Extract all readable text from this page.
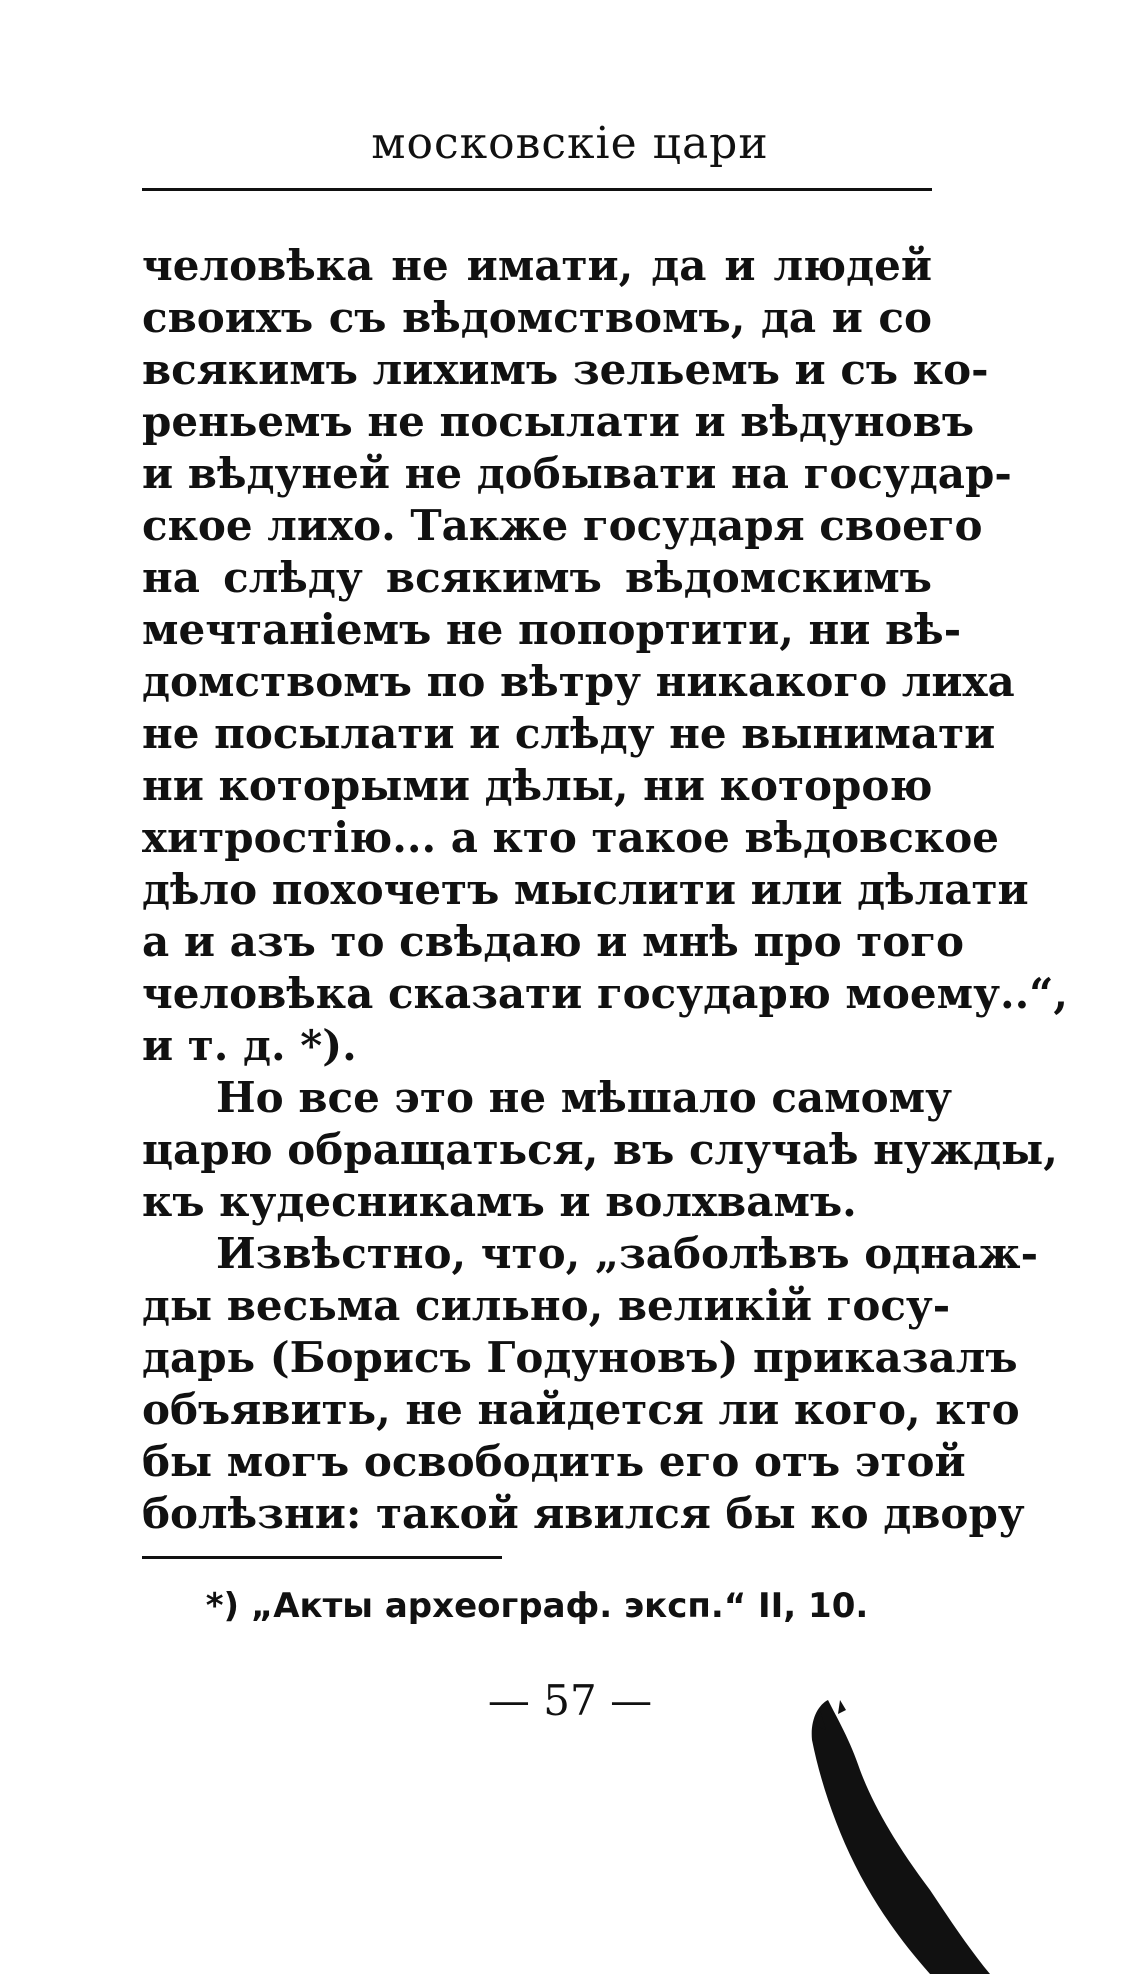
московскіе цари
человѣка не имати, да и людей
своихъ съ вѣдомствомъ, да и со
всякимъ лихимъ зельемъ и съ ко-
реньемъ не посылати и вѣдуновъ
и вѣдуней не добывати на государ-
ское лихо. Также государя своего
на слѣду всякимъ вѣдомскимъ
мечтаніемъ не попортити, ни вѣ-
домствомъ по вѣтру никакого лиха
не посылати и слѣду не вынимати
ни которыми дѣлы, ни которою
хитростію... а кто такое вѣдовское
дѣло похочетъ мыслити или дѣлати
а и азъ то свѣдаю и мнѣ про того
человѣка сказати государю моему..“,
и т. д. *).
Но все это не мѣшало самому
царю обращаться, въ случаѣ нужды,
къ кудесникамъ и волхвамъ.
Извѣстно, что, „заболѣвъ однаж-
ды весьма сильно, великій госу-
дарь (Борисъ Годуновъ) приказалъ
объявить, не найдется ли кого, кто
бы могъ освободить его отъ этой
болѣзни: такой явился бы ко двору
*) „Акты археограф. эксп.“ II, 10.
— 57 —
